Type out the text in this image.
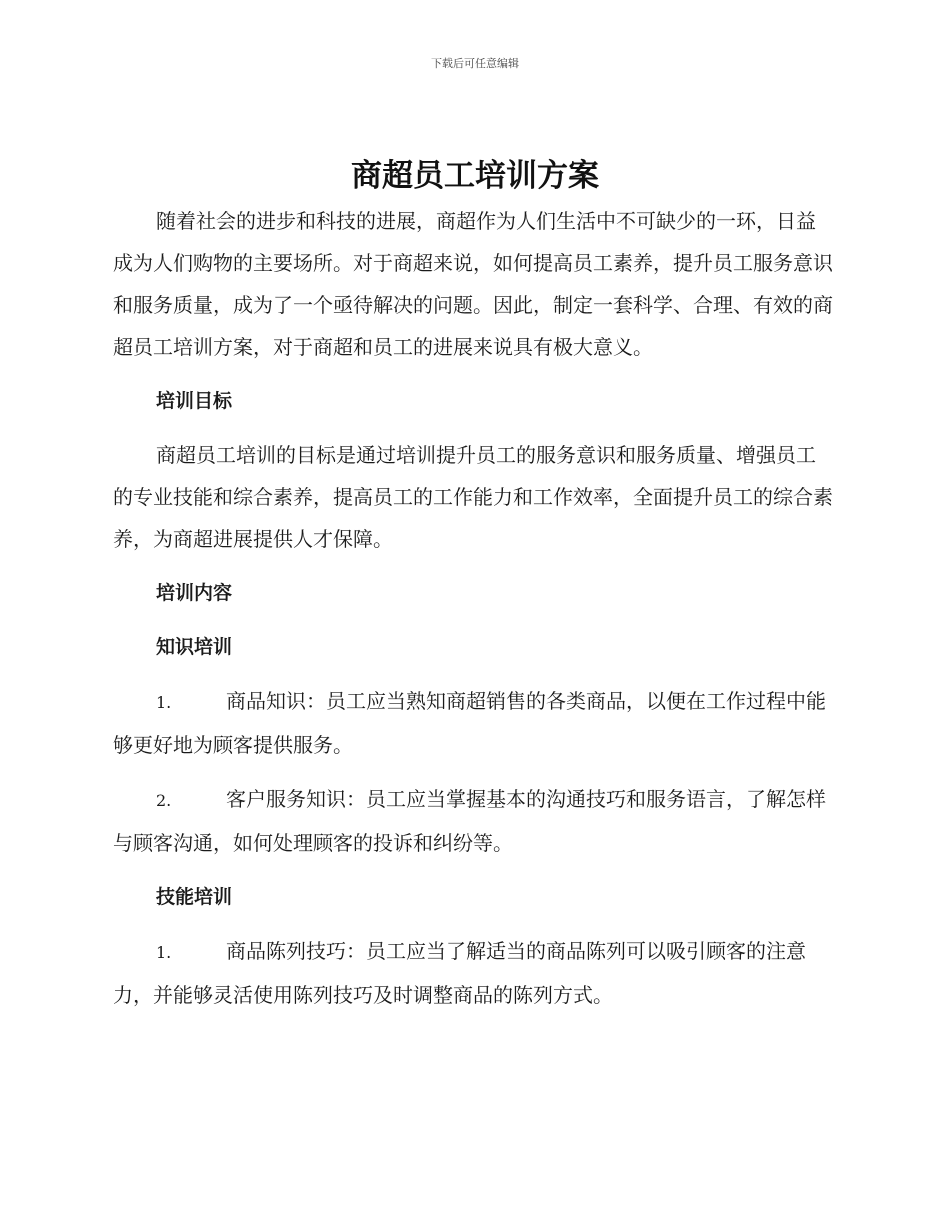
下载后可任意编辑
商超员工培训方案

随着社会的进步和科技的进展，商超作为人们生活中不可缺少的一环，日益成为人们购物的主要场所。对于商超来说，如何提高员工素养，提升员工服务意识和服务质量，成为了一个亟待解决的问题。因此，制定一套科学、合理、有效的商超员工培训方案，对于商超和员工的进展来说具有极大意义。

培训目标

商超员工培训的目标是通过培训提升员工的服务意识和服务质量、增强员工的专业技能和综合素养，提高员工的工作能力和工作效率，全面提升员工的综合素养，为商超进展提供人才保障。

培训内容

知识培训

1.	商品知识：员工应当熟知商超销售的各类商品，以便在工作过程中能够更好地为顾客提供服务。

2.	客户服务知识：员工应当掌握基本的沟通技巧和服务语言，了解怎样与顾客沟通，如何处理顾客的投诉和纠纷等。

技能培训

1.	商品陈列技巧：员工应当了解适当的商品陈列可以吸引顾客的注意力，并能够灵活使用陈列技巧及时调整商品的陈列方式。
